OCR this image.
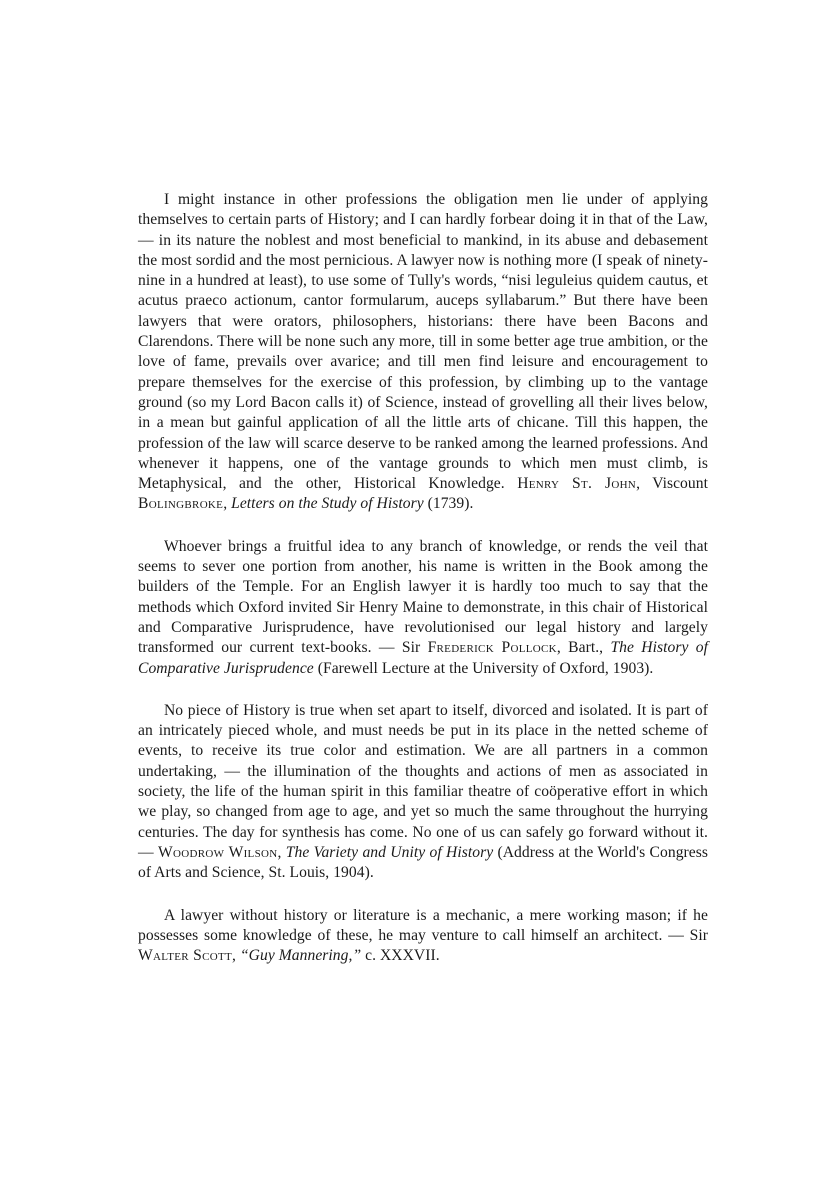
I might instance in other professions the obligation men lie under of applying themselves to certain parts of History; and I can hardly forbear doing it in that of the Law, — in its nature the noblest and most beneficial to mankind, in its abuse and debasement the most sordid and the most pernicious. A lawyer now is nothing more (I speak of ninety-nine in a hundred at least), to use some of Tully's words, “nisi leguleius quidem cautus, et acutus praeco actionum, cantor formularum, auceps syllabarum.” But there have been lawyers that were orators, philosophers, historians: there have been Bacons and Clarendons. There will be none such any more, till in some better age true ambition, or the love of fame, prevails over avarice; and till men find leisure and encouragement to prepare themselves for the exercise of this profession, by climbing up to the vantage ground (so my Lord Bacon calls it) of Science, instead of grovelling all their lives below, in a mean but gainful application of all the little arts of chicane. Till this happen, the profession of the law will scarce deserve to be ranked among the learned professions. And whenever it happens, one of the vantage grounds to which men must climb, is Metaphysical, and the other, Historical Knowledge. Henry St. John, Viscount Bolingbroke, Letters on the Study of History (1739).

Whoever brings a fruitful idea to any branch of knowledge, or rends the veil that seems to sever one portion from another, his name is written in the Book among the builders of the Temple. For an English lawyer it is hardly too much to say that the methods which Oxford invited Sir Henry Maine to demonstrate, in this chair of Historical and Comparative Jurisprudence, have revolutionised our legal history and largely transformed our current text-books. — Sir Frederick Pollock, Bart., The History of Comparative Jurisprudence (Farewell Lecture at the University of Oxford, 1903).

No piece of History is true when set apart to itself, divorced and isolated. It is part of an intricately pieced whole, and must needs be put in its place in the netted scheme of events, to receive its true color and estimation. We are all partners in a common undertaking, — the illumination of the thoughts and actions of men as associated in society, the life of the human spirit in this familiar theatre of coöperative effort in which we play, so changed from age to age, and yet so much the same throughout the hurrying centuries. The day for synthesis has come. No one of us can safely go forward without it. — Woodrow Wilson, The Variety and Unity of History (Address at the World's Congress of Arts and Science, St. Louis, 1904).

A lawyer without history or literature is a mechanic, a mere working mason; if he possesses some knowledge of these, he may venture to call himself an architect. — Sir Walter Scott, “Guy Mannering,” c. XXXVII.
